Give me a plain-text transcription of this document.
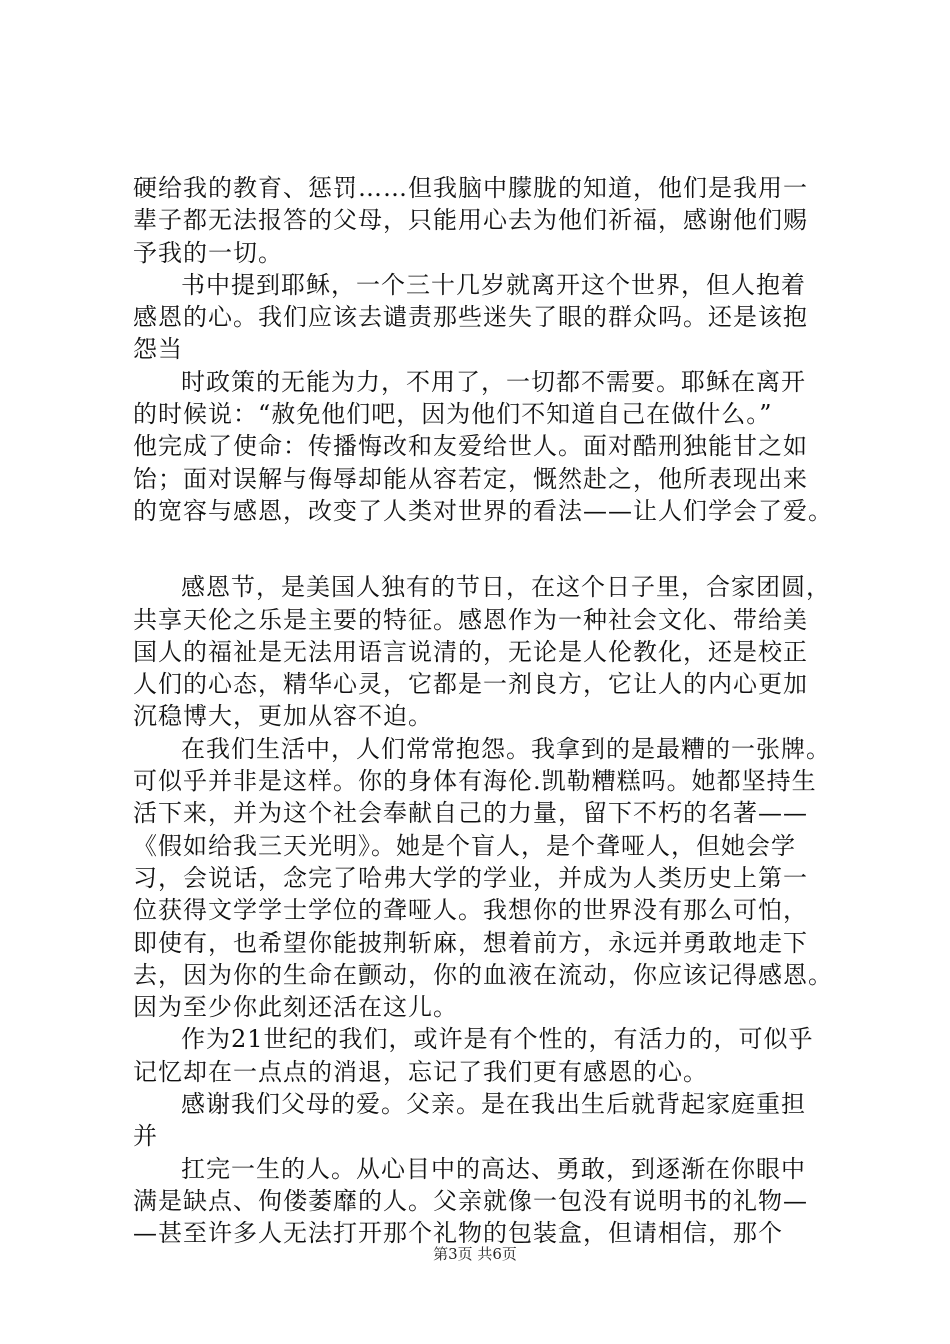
硬给我的教育、惩罚……但我脑中朦胧的知道，他们是我用一
辈子都无法报答的父母，只能用心去为他们祈福，感谢他们赐
予我的一切。
书中提到耶稣，一个三十几岁就离开这个世界，但人抱着
感恩的心。我们应该去谴责那些迷失了眼的群众吗。还是该抱
怨当
时政策的无能为力，不用了，一切都不需要。耶稣在离开
的时候说：“赦免他们吧，因为他们不知道自己在做什么。”
他完成了使命：传播悔改和友爱给世人。面对酷刑独能甘之如
饴；面对误解与侮辱却能从容若定，慨然赴之，他所表现出来
的宽容与感恩，改变了人类对世界的看法——让人们学会了爱。
感恩节，是美国人独有的节日，在这个日子里，合家团圆，
共享天伦之乐是主要的特征。感恩作为一种社会文化、带给美
国人的福祉是无法用语言说清的，无论是人伦教化，还是校正
人们的心态，精华心灵，它都是一剂良方，它让人的内心更加
沉稳博大，更加从容不迫。
在我们生活中，人们常常抱怨。我拿到的是最糟的一张牌。
可似乎并非是这样。你的身体有海伦.凯勒糟糕吗。她都坚持生
活下来，并为这个社会奉献自己的力量，留下不朽的名著——
《假如给我三天光明》。她是个盲人，是个聋哑人，但她会学
习，会说话，念完了哈弗大学的学业，并成为人类历史上第一
位获得文学学士学位的聋哑人。我想你的世界没有那么可怕，
即使有，也希望你能披荆斩麻，想着前方，永远并勇敢地走下
去，因为你的生命在颤动，你的血液在流动，你应该记得感恩。
因为至少你此刻还活在这儿。
作为21世纪的我们，或许是有个性的，有活力的，可似乎
记忆却在一点点的消退，忘记了我们更有感恩的心。
感谢我们父母的爱。父亲。是在我出生后就背起家庭重担
并
扛完一生的人。从心目中的高达、勇敢，到逐渐在你眼中
满是缺点、佝偻萎靡的人。父亲就像一包没有说明书的礼物—
—甚至许多人无法打开那个礼物的包装盒，但请相信，那个
第3页 共6页
